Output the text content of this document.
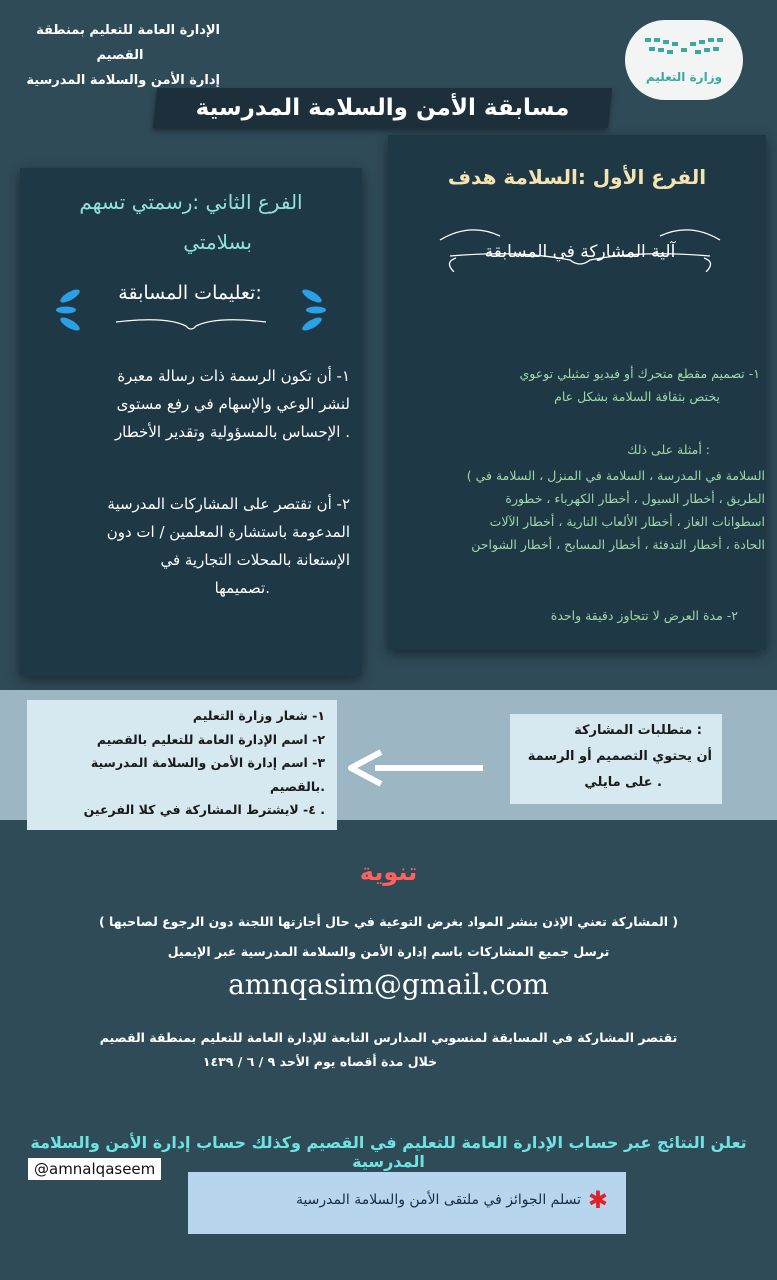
الإدارة العامة للتعليم بمنطقة
القصيم
إدارة الأمن والسلامة المدرسية	وزارة التعليم
مسابقة الأمن والسلامة المدرسية
الفرع الأول :السلامة هدف
آلية المشاركة في المسابقة
١- تصميم مقطع متحرك أو فيديو تمثيلي توعوي
يختص بثقافة السلامة بشكل عام
أمثلة على ذلك :
( السلامة في المدرسة ، السلامة في المنزل ، السلامة في
الطريق ، أخطار السيول ، أخطار الكهرباء ، خطورة
اسطوانات الغاز ، أخطار الألعاب النارية ، أخطار الآلات
الحادة ، أخطار التدفئة ، أخطار المسابح ، أخطار الشواحن
٢- مدة العرض لا تتجاوز دقيقة واحدة
الفرع الثاني :رسمتي تسهم
بسلامتي
تعليمات المسابقة:
١- أن تكون الرسمة ذات رسالة معبرة
لنشر الوعي والإسهام في رفع مستوى
الإحساس بالمسؤولية وتقدير الأخطار .
٢- أن تقتصر على المشاركات المدرسية
المدعومة باستشارة المعلمين / ات دون
الإستعانة بالمحلات التجارية في
تصميمها.
متطلبات المشاركة :
أن يحتوي التصميم أو الرسمة
على مايلي .
١- شعار وزارة التعليم
٢- اسم الإدارة العامة للتعليم بالقصيم
٣- اسم إدارة الأمن والسلامة المدرسية
بالقصيم.
٤- لايشترط المشاركة في كلا الفرعين .
تنوية
( المشاركة تعني الإذن بنشر المواد بغرض التوعية في حال أجازتها اللجنة دون الرجوع لصاحبها )
ترسل جميع المشاركات باسم إدارة الأمن والسلامة المدرسية عبر الإيميل
amnqasim@gmail.com
تقتصر المشاركة في المسابقة لمنسوبي المدارس التابعة للإدارة العامة للتعليم بمنطقة القصيم
خلال مدة أقصاه يوم الأحد ٩ / ٦ / ١٤٣٩
تعلن النتائج عبر حساب الإدارة العامة للتعليم في القصيم وكذلك حساب إدارة الأمن والسلامة المدرسية
@amnalqaseem
✱
تسلم الجوائز في ملتقى الأمن والسلامة المدرسية
